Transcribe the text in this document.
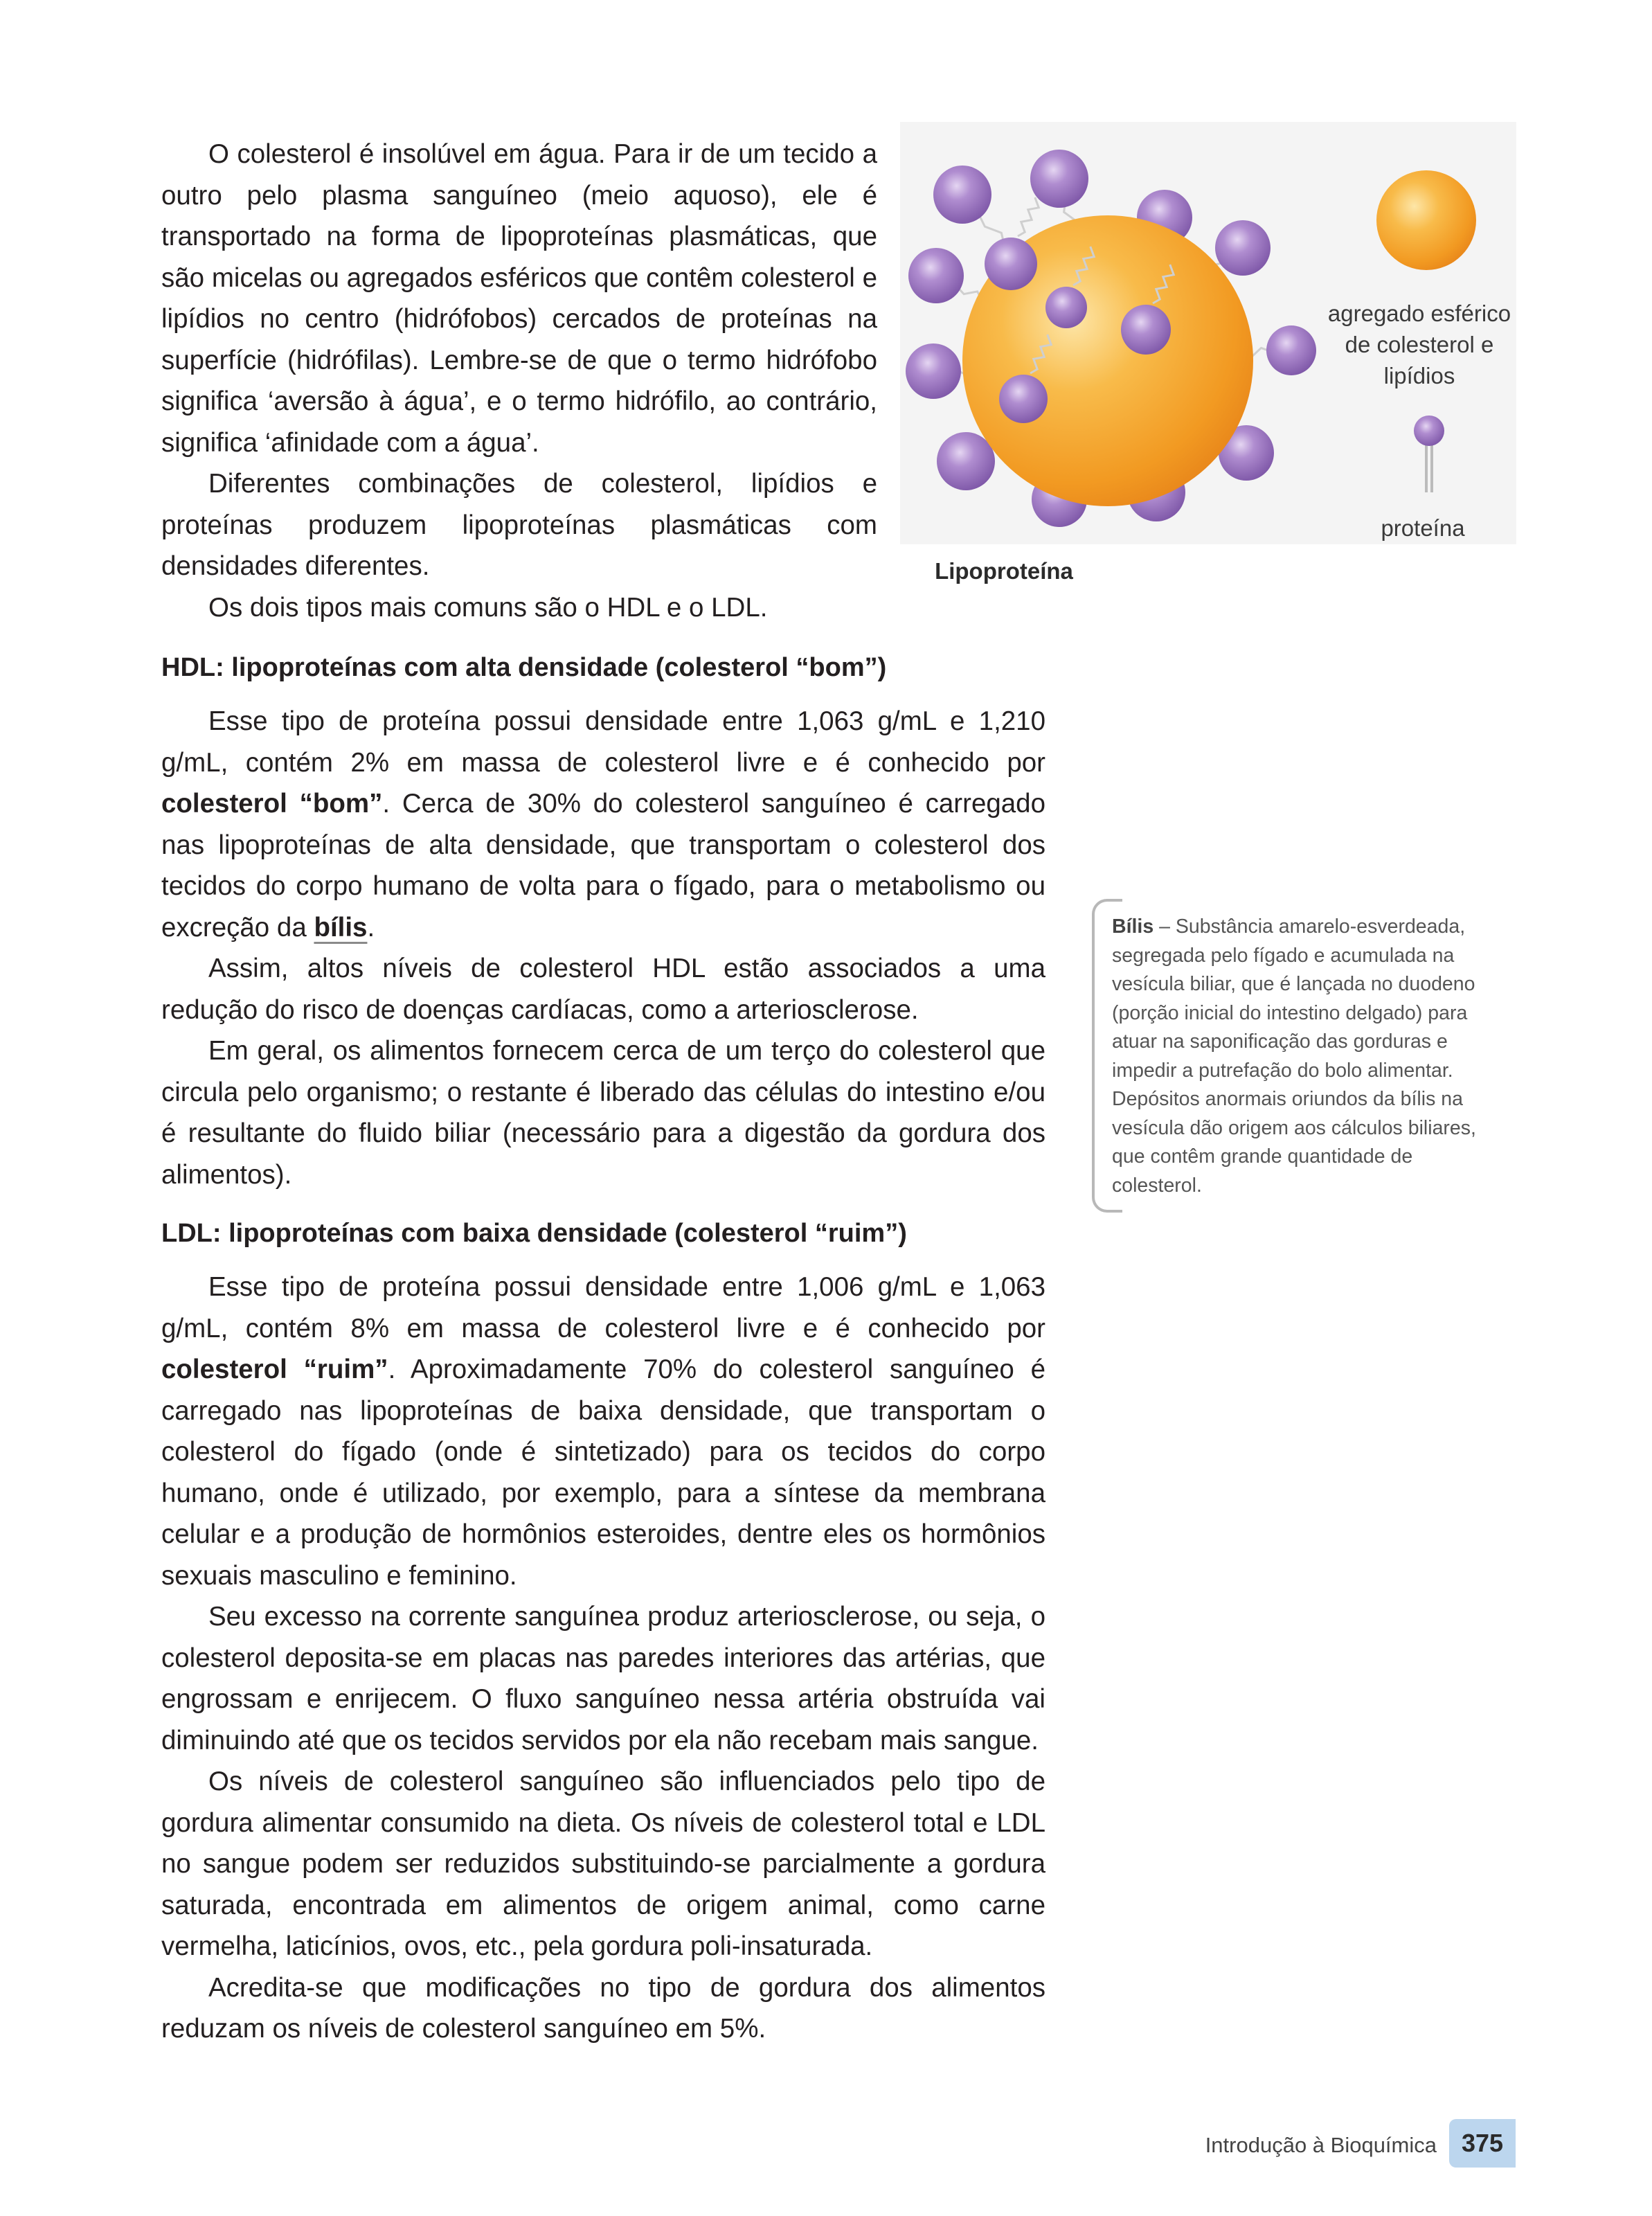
O colesterol é insolúvel em água. Para ir de um tecido a outro pelo plasma sanguíneo (meio aquoso), ele é transportado na forma de lipoproteínas plasmáticas, que são micelas ou agregados esféricos que contêm colesterol e lipídios no centro (hidrófobos) cercados de proteínas na superfície (hidrófilas). Lembre-se de que o termo hidrófobo significa ‘aversão à água’, e o termo hidrófilo, ao contrário, significa ‘afinidade com a água’.

Diferentes combinações de colesterol, lipídios e proteínas produzem lipoproteínas plasmáticas com densidades diferentes.

Os dois tipos mais comuns são o HDL e o LDL.

agregado esférico de colesterol e lipídios
proteína
Lipoproteína
HDL: lipoproteínas com alta densidade (colesterol “bom”)

Esse tipo de proteína possui densidade entre 1,063 g/mL e 1,210 g/mL, contém 2% em massa de colesterol livre e é conhecido por colesterol “bom”. Cerca de 30% do colesterol sanguíneo é carregado nas lipoproteínas de alta densidade, que transportam o colesterol dos tecidos do corpo humano de volta para o fígado, para o metabolismo ou excreção da bílis.

Assim, altos níveis de colesterol HDL estão associados a uma redução do risco de doenças cardíacas, como a arteriosclerose.

Em geral, os alimentos fornecem cerca de um terço do colesterol que circula pelo organismo; o restante é liberado das células do intestino e/ou é resultante do fluido biliar (necessário para a digestão da gordura dos alimentos).

Bílis – Substância amarelo-esverdeada, segregada pelo fígado e acumulada na vesícula biliar, que é lançada no duodeno (porção inicial do intestino delgado) para atuar na saponificação das gorduras e impedir a putrefação do bolo alimentar. Depósitos anormais oriundos da bílis na vesícula dão origem aos cálculos biliares, que contêm grande quantidade de colesterol.
LDL: lipoproteínas com baixa densidade (colesterol “ruim”)

Esse tipo de proteína possui densidade entre 1,006 g/mL e 1,063 g/mL, contém 8% em massa de colesterol livre e é conhecido por colesterol “ruim”. Aproximadamente 70% do colesterol sanguíneo é carregado nas lipoproteínas de baixa densidade, que transportam o colesterol do fígado (onde é sintetizado) para os tecidos do corpo humano, onde é utilizado, por exemplo, para a síntese da membrana celular e a produção de hormônios esteroides, dentre eles os hormônios sexuais masculino e feminino.

Seu excesso na corrente sanguínea produz arteriosclerose, ou seja, o colesterol deposita-se em placas nas paredes interiores das artérias, que engrossam e enrijecem. O fluxo sanguíneo nessa artéria obstruída vai diminuindo até que os tecidos servidos por ela não recebam mais sangue.

Os níveis de colesterol sanguíneo são influenciados pelo tipo de gordura alimentar consumido na dieta. Os níveis de colesterol total e LDL no sangue podem ser reduzidos substituindo-se parcialmente a gordura saturada, encontrada em alimentos de origem animal, como carne vermelha, laticínios, ovos, etc., pela gordura poli-insaturada.

Acredita-se que modificações no tipo de gordura dos alimentos reduzam os níveis de colesterol sanguíneo em 5%.

Introdução à Bioquímica 375
